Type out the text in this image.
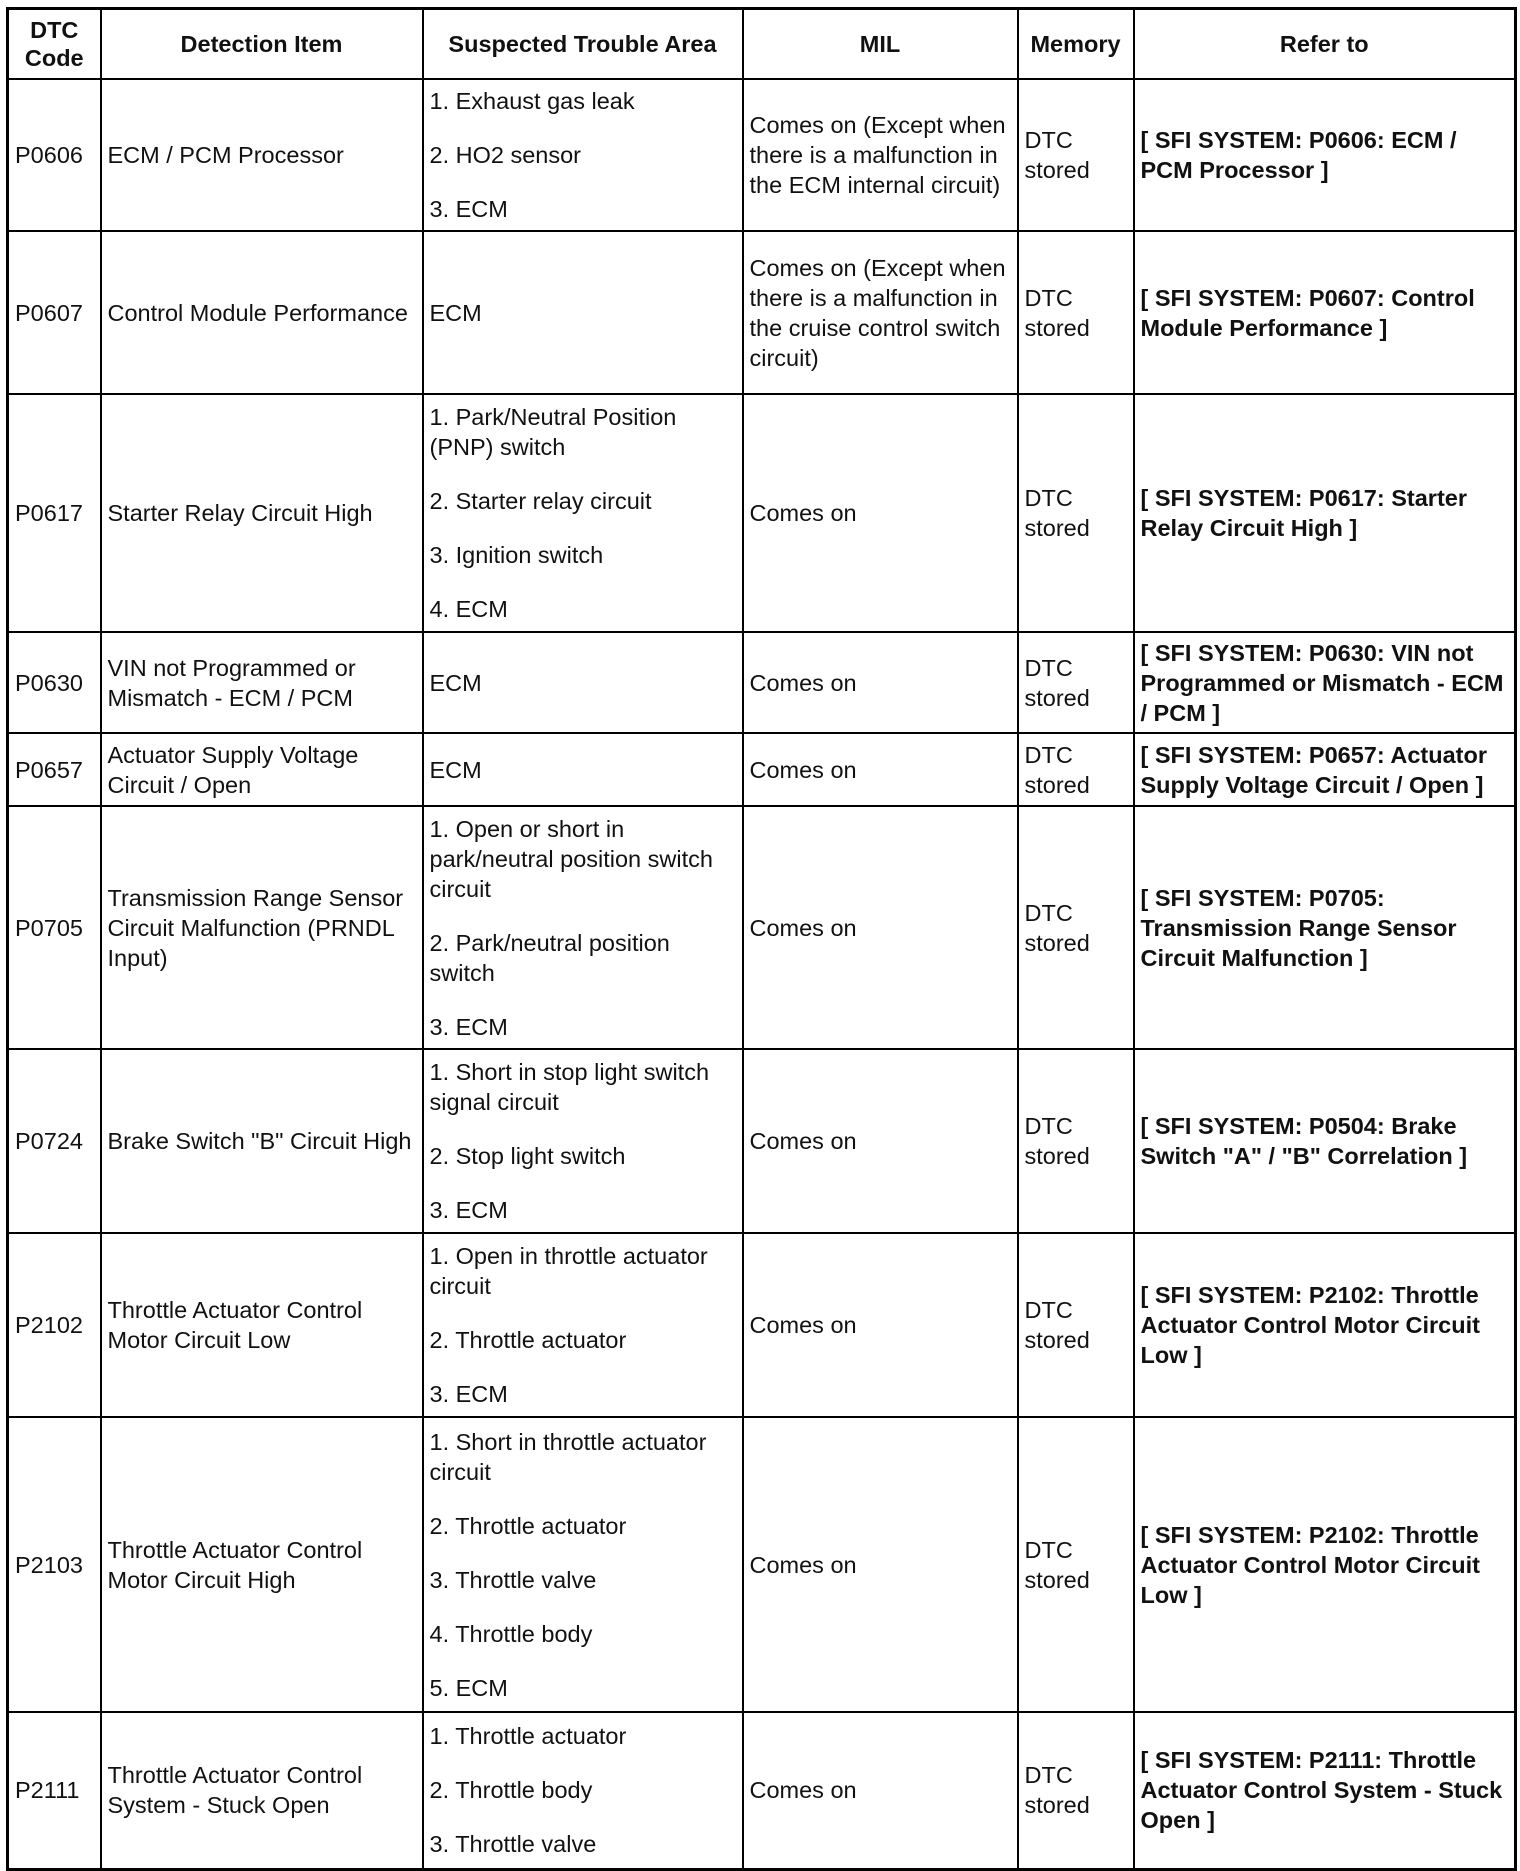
DTC Code	Detection Item	Suspected Trouble Area	MIL	Memory	Refer to
P0606	ECM / PCM Processor	1. Exhaust gas leak
2. HO2 sensor
3. ECM	Comes on (Except when there is a malfunction in the ECM internal circuit)	DTC stored	[ SFI SYSTEM: P0606: ECM / PCM Processor ]
P0607	Control Module Performance	ECM	Comes on (Except when there is a malfunction in the cruise control switch circuit)	DTC stored	[ SFI SYSTEM: P0607: Control Module Performance ]
P0617	Starter Relay Circuit High	1. Park/Neutral Position (PNP) switch
2. Starter relay circuit
3. Ignition switch
4. ECM	Comes on	DTC stored	[ SFI SYSTEM: P0617: Starter Relay Circuit High ]
P0630	VIN not Programmed or Mismatch - ECM / PCM	ECM	Comes on	DTC stored	[ SFI SYSTEM: P0630: VIN not Programmed or Mismatch - ECM / PCM ]
P0657	Actuator Supply Voltage Circuit / Open	ECM	Comes on	DTC stored	[ SFI SYSTEM: P0657: Actuator Supply Voltage Circuit / Open ]
P0705	Transmission Range Sensor Circuit Malfunction (PRNDL Input)	1. Open or short in park/neutral position switch circuit
2. Park/neutral position switch
3. ECM	Comes on	DTC stored	[ SFI SYSTEM: P0705: Transmission Range Sensor Circuit Malfunction ]
P0724	Brake Switch "B" Circuit High	1. Short in stop light switch signal circuit
2. Stop light switch
3. ECM	Comes on	DTC stored	[ SFI SYSTEM: P0504: Brake Switch "A" / "B" Correlation ]
P2102	Throttle Actuator Control Motor Circuit Low	1. Open in throttle actuator circuit
2. Throttle actuator
3. ECM	Comes on	DTC stored	[ SFI SYSTEM: P2102: Throttle Actuator Control Motor Circuit Low ]
P2103	Throttle Actuator Control Motor Circuit High	1. Short in throttle actuator circuit
2. Throttle actuator
3. Throttle valve
4. Throttle body
5. ECM	Comes on	DTC stored	[ SFI SYSTEM: P2102: Throttle Actuator Control Motor Circuit Low ]
P2111	Throttle Actuator Control System - Stuck Open	1. Throttle actuator
2. Throttle body
3. Throttle valve	Comes on	DTC stored	[ SFI SYSTEM: P2111: Throttle Actuator Control System - Stuck Open ]
